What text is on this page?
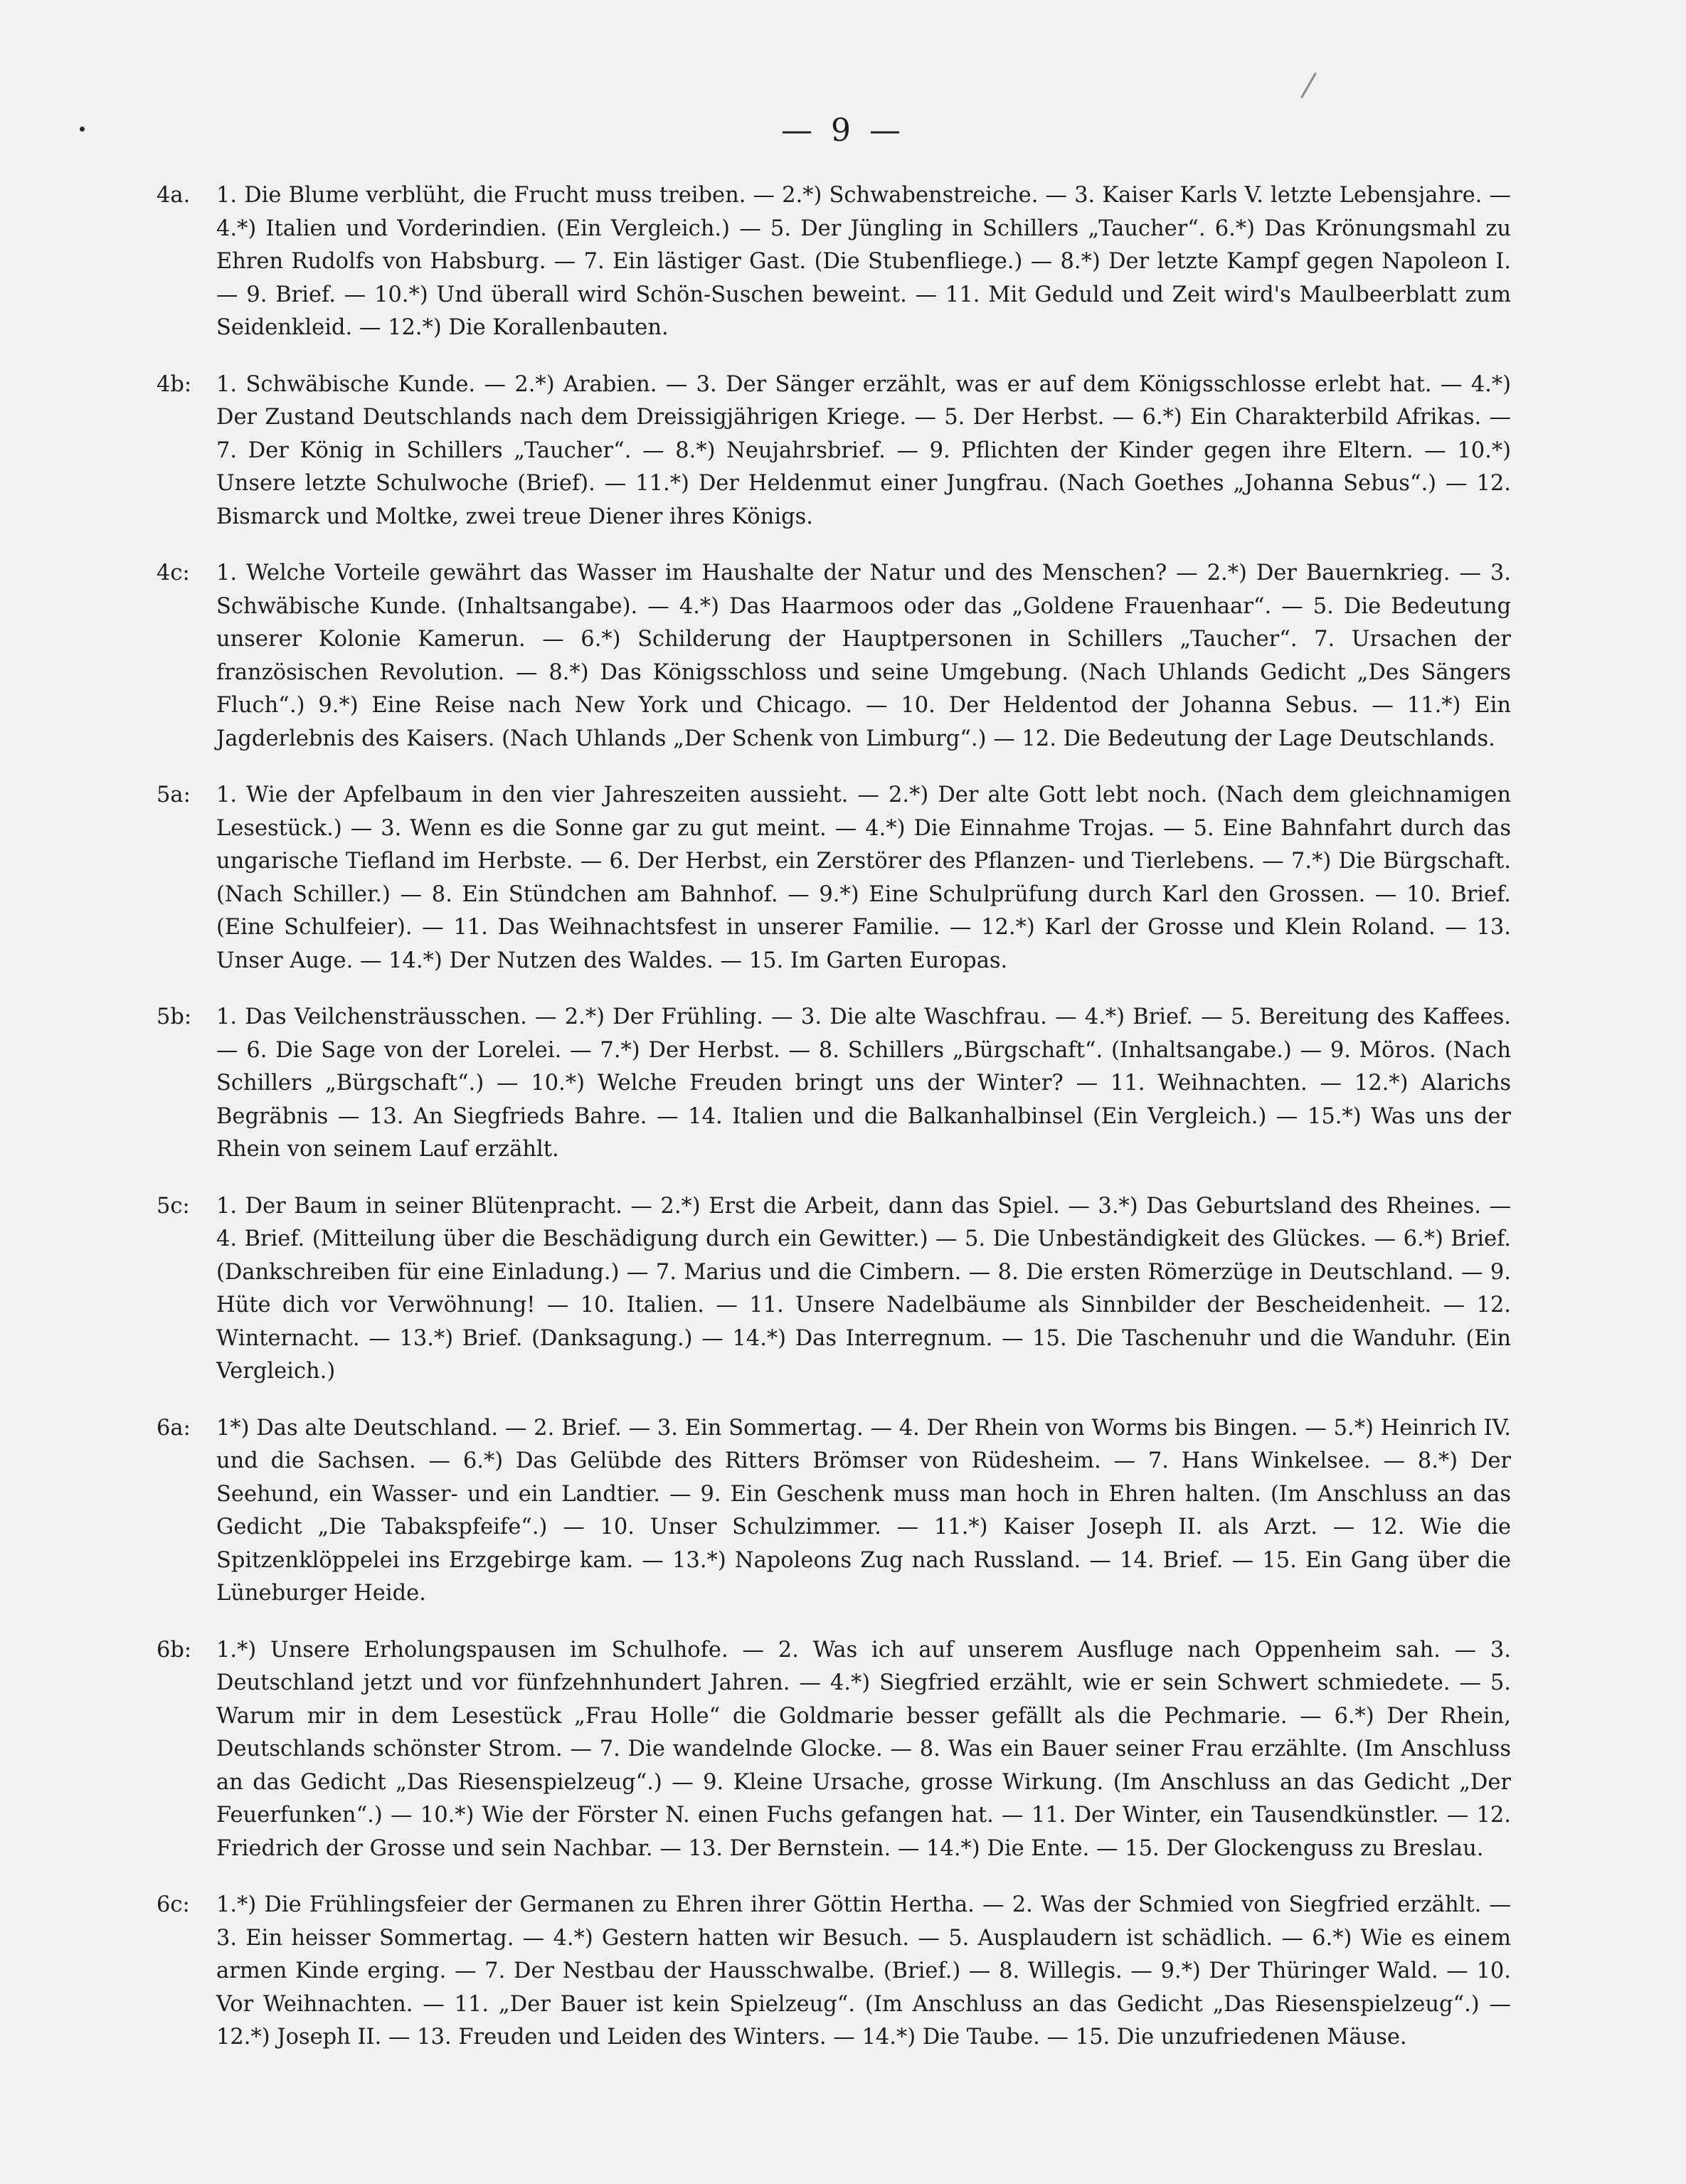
— 9 —
4a. 1. Die Blume verblüht, die Frucht muss treiben. — 2.*) Schwabenstreiche. — 3. Kaiser Karls V. letzte Lebensjahre. — 4.*) Italien und Vorderindien. (Ein Vergleich.) — 5. Der Jüngling in Schillers „Taucher“. 6.*) Das Krönungsmahl zu Ehren Rudolfs von Habsburg. — 7. Ein lästiger Gast. (Die Stubenfliege.) — 8.*) Der letzte Kampf gegen Napoleon I. — 9. Brief. — 10.*) Und überall wird Schön-Suschen beweint. — 11. Mit Geduld und Zeit wird's Maulbeerblatt zum Seidenkleid. — 12.*) Die Korallenbauten.
4b: 1. Schwäbische Kunde. — 2.*) Arabien. — 3. Der Sänger erzählt, was er auf dem Königsschlosse erlebt hat. — 4.*) Der Zustand Deutschlands nach dem Dreissigjährigen Kriege. — 5. Der Herbst. — 6.*) Ein Charakterbild Afrikas. — 7. Der König in Schillers „Taucher“. — 8.*) Neujahrsbrief. — 9. Pflichten der Kinder gegen ihre Eltern. — 10.*) Unsere letzte Schulwoche (Brief). — 11.*) Der Heldenmut einer Jungfrau. (Nach Goethes „Johanna Sebus“.) — 12. Bismarck und Moltke, zwei treue Diener ihres Königs.
4c: 1. Welche Vorteile gewährt das Wasser im Haushalte der Natur und des Menschen? — 2.*) Der Bauernkrieg. — 3. Schwäbische Kunde. (Inhaltsangabe). — 4.*) Das Haarmoos oder das „Goldene Frauenhaar“. — 5. Die Bedeutung unserer Kolonie Kamerun. — 6.*) Schilderung der Hauptpersonen in Schillers „Taucher“. 7. Ursachen der französischen Revolution. — 8.*) Das Königsschloss und seine Umgebung. (Nach Uhlands Gedicht „Des Sängers Fluch“.) 9.*) Eine Reise nach New York und Chicago. — 10. Der Heldentod der Johanna Sebus. — 11.*) Ein Jagderlebnis des Kaisers. (Nach Uhlands „Der Schenk von Limburg“.) — 12. Die Bedeutung der Lage Deutschlands.
5a: 1. Wie der Apfelbaum in den vier Jahreszeiten aussieht. — 2.*) Der alte Gott lebt noch. (Nach dem gleichnamigen Lesestück.) — 3. Wenn es die Sonne gar zu gut meint. — 4.*) Die Einnahme Trojas. — 5. Eine Bahnfahrt durch das ungarische Tiefland im Herbste. — 6. Der Herbst, ein Zerstörer des Pflanzen- und Tierlebens. — 7.*) Die Bürgschaft. (Nach Schiller.) — 8. Ein Stündchen am Bahnhof. — 9.*) Eine Schulprüfung durch Karl den Grossen. — 10. Brief. (Eine Schulfeier). — 11. Das Weihnachtsfest in unserer Familie. — 12.*) Karl der Grosse und Klein Roland. — 13. Unser Auge. — 14.*) Der Nutzen des Waldes. — 15. Im Garten Europas.
5b: 1. Das Veilchensträusschen. — 2.*) Der Frühling. — 3. Die alte Waschfrau. — 4.*) Brief. — 5. Bereitung des Kaffees. — 6. Die Sage von der Lorelei. — 7.*) Der Herbst. — 8. Schillers „Bürgschaft“. (Inhaltsangabe.) — 9. Möros. (Nach Schillers „Bürgschaft“.) — 10.*) Welche Freuden bringt uns der Winter? — 11. Weihnachten. — 12.*) Alarichs Begräbnis — 13. An Siegfrieds Bahre. — 14. Italien und die Balkanhalbinsel (Ein Vergleich.) — 15.*) Was uns der Rhein von seinem Lauf erzählt.
5c: 1. Der Baum in seiner Blütenpracht. — 2.*) Erst die Arbeit, dann das Spiel. — 3.*) Das Geburtsland des Rheines. — 4. Brief. (Mitteilung über die Beschädigung durch ein Gewitter.) — 5. Die Unbeständigkeit des Glückes. — 6.*) Brief. (Dankschreiben für eine Einladung.) — 7. Marius und die Cimbern. — 8. Die ersten Römerzüge in Deutschland. — 9. Hüte dich vor Verwöhnung! — 10. Italien. — 11. Unsere Nadelbäume als Sinnbilder der Bescheidenheit. — 12. Winternacht. — 13.*) Brief. (Danksagung.) — 14.*) Das Interregnum. — 15. Die Taschenuhr und die Wanduhr. (Ein Vergleich.)
6a: 1*) Das alte Deutschland. — 2. Brief. — 3. Ein Sommertag. — 4. Der Rhein von Worms bis Bingen. — 5.*) Heinrich IV. und die Sachsen. — 6.*) Das Gelübde des Ritters Brömser von Rüdesheim. — 7. Hans Winkelsee. — 8.*) Der Seehund, ein Wasser- und ein Landtier. — 9. Ein Geschenk muss man hoch in Ehren halten. (Im Anschluss an das Gedicht „Die Tabakspfeife“.) — 10. Unser Schulzimmer. — 11.*) Kaiser Joseph II. als Arzt. — 12. Wie die Spitzenklöppelei ins Erzgebirge kam. — 13.*) Napoleons Zug nach Russland. — 14. Brief. — 15. Ein Gang über die Lüneburger Heide.
6b: 1.*) Unsere Erholungspausen im Schulhofe. — 2. Was ich auf unserem Ausfluge nach Oppenheim sah. — 3. Deutschland jetzt und vor fünfzehnhundert Jahren. — 4.*) Siegfried erzählt, wie er sein Schwert schmiedete. — 5. Warum mir in dem Lesestück „Frau Holle“ die Goldmarie besser gefällt als die Pechmarie. — 6.*) Der Rhein, Deutschlands schönster Strom. — 7. Die wandelnde Glocke. — 8. Was ein Bauer seiner Frau erzählte. (Im Anschluss an das Gedicht „Das Riesenspielzeug“.) — 9. Kleine Ursache, grosse Wirkung. (Im Anschluss an das Gedicht „Der Feuerfunken“.) — 10.*) Wie der Förster N. einen Fuchs gefangen hat. — 11. Der Winter, ein Tausendkünstler. — 12. Friedrich der Grosse und sein Nachbar. — 13. Der Bernstein. — 14.*) Die Ente. — 15. Der Glockenguss zu Breslau.
6c: 1.*) Die Frühlingsfeier der Germanen zu Ehren ihrer Göttin Hertha. — 2. Was der Schmied von Siegfried erzählt. — 3. Ein heisser Sommertag. — 4.*) Gestern hatten wir Besuch. — 5. Ausplaudern ist schädlich. — 6.*) Wie es einem armen Kinde erging. — 7. Der Nestbau der Hausschwalbe. (Brief.) — 8. Willegis. — 9.*) Der Thüringer Wald. — 10. Vor Weihnachten. — 11. „Der Bauer ist kein Spielzeug“. (Im Anschluss an das Gedicht „Das Riesenspielzeug“.) — 12.*) Joseph II. — 13. Freuden und Leiden des Winters. — 14.*) Die Taube. — 15. Die unzufriedenen Mäuse.
